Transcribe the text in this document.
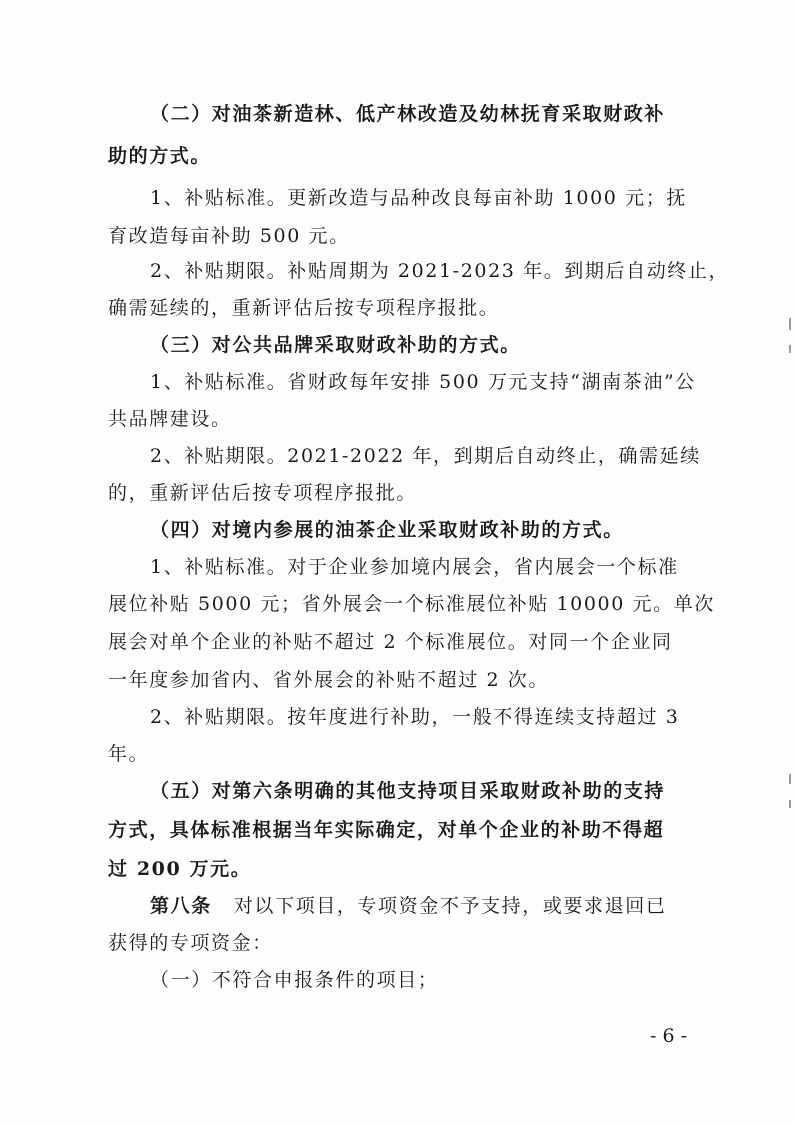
（二）对油茶新造林、低产林改造及幼林抚育采取财政补
助的方式。
1、补贴标准。更新改造与品种改良每亩补助 1000 元；抚
育改造每亩补助 500 元。
2、补贴期限。补贴周期为 2021-2023 年。到期后自动终止，
确需延续的，重新评估后按专项程序报批。
（三）对公共品牌采取财政补助的方式。
1、补贴标准。省财政每年安排 500 万元支持“湖南茶油”公
共品牌建设。
2、补贴期限。2021-2022 年，到期后自动终止，确需延续
的，重新评估后按专项程序报批。
（四）对境内参展的油茶企业采取财政补助的方式。
1、补贴标准。对于企业参加境内展会，省内展会一个标准
展位补贴 5000 元；省外展会一个标准展位补贴 10000 元。单次
展会对单个企业的补贴不超过 2 个标准展位。对同一个企业同
一年度参加省内、省外展会的补贴不超过 2 次。
2、补贴期限。按年度进行补助，一般不得连续支持超过 3
年。
（五）对第六条明确的其他支持项目采取财政补助的支持
方式，具体标准根据当年实际确定，对单个企业的补助不得超
过 200 万元。
第八条 对以下项目，专项资金不予支持，或要求退回已
获得的专项资金：
（一）不符合申报条件的项目；
- 6 -
